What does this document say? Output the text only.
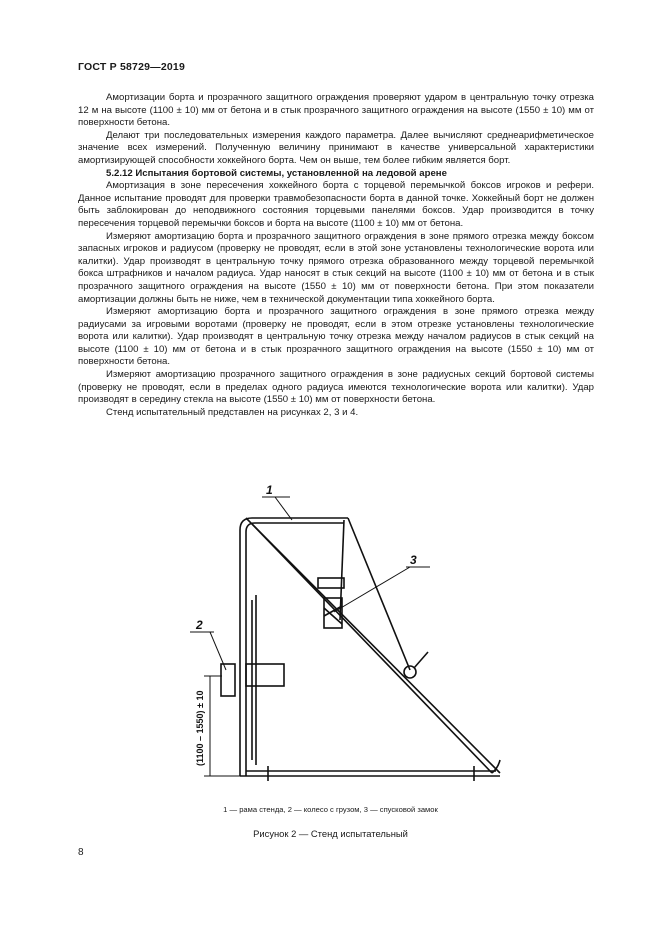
ГОСТ Р 58729—2019

Амортизации борта и прозрачного защитного ограждения проверяют ударом в центральную точку отрезка 12 м на высоте (1100 ± 10) мм от бетона и в стык прозрачного защитного ограждения на высоте (1550 ± 10) мм от поверхности бетона.

Делают три последовательных измерения каждого параметра. Далее вычисляют среднеарифметическое значение всех измерений. Полученную величину принимают в качестве универсальной характеристики амортизирующей способности хоккейного борта. Чем он выше, тем более гибким является борт.

5.2.12 Испытания бортовой системы, установленной на ледовой арене

Амортизация в зоне пересечения хоккейного борта с торцевой перемычкой боксов игроков и рефери. Данное испытание проводят для проверки травмобезопасности борта в данной точке. Хоккейный борт не должен быть заблокирован до неподвижного состояния торцевыми панелями боксов. Удар производится в точку пересечения торцевой перемычки боксов и борта на высоте (1100 ± 10) мм от бетона.

Измеряют амортизацию борта и прозрачного защитного ограждения в зоне прямого отрезка между боксом запасных игроков и радиусом (проверку не проводят, если в этой зоне установлены технологические ворота или калитки). Удар производят в центральную точку прямого отрезка образованного между торцевой перемычкой бокса штрафников и началом радиуса. Удар наносят в стык секций на высоте (1100 ± 10) мм от бетона и в стык прозрачного защитного ограждения на высоте (1550 ± 10) мм от поверхности бетона. При этом показатели амортизации должны быть не ниже, чем в технической документации типа хоккейного борта.

Измеряют амортизацию борта и прозрачного защитного ограждения в зоне прямого отрезка между радиусами за игровыми воротами (проверку не проводят, если в этом отрезке установлены технологические ворота или калитки). Удар производят в центральную точку отрезка между началом радиусов в стык секций на высоте (1100 ± 10) мм от бетона и в стык прозрачного защитного ограждения на высоте (1550 ± 10) мм от поверхности бетона.

Измеряют амортизацию прозрачного защитного ограждения в зоне радиусных секций бортовой системы (проверку не проводят, если в пределах одного радиуса имеются технологические ворота или калитки). Удар производят в середину стекла на высоте (1550 ± 10) мм от поверхности бетона.

Стенд испытательный представлен на рисунках 2, 3 и 4.

1
2
3
(1100 – 1550) ± 10
1 — рама стенда, 2 — колесо с грузом, 3 — спусковой замок
Рисунок 2 — Стенд испытательный
8
